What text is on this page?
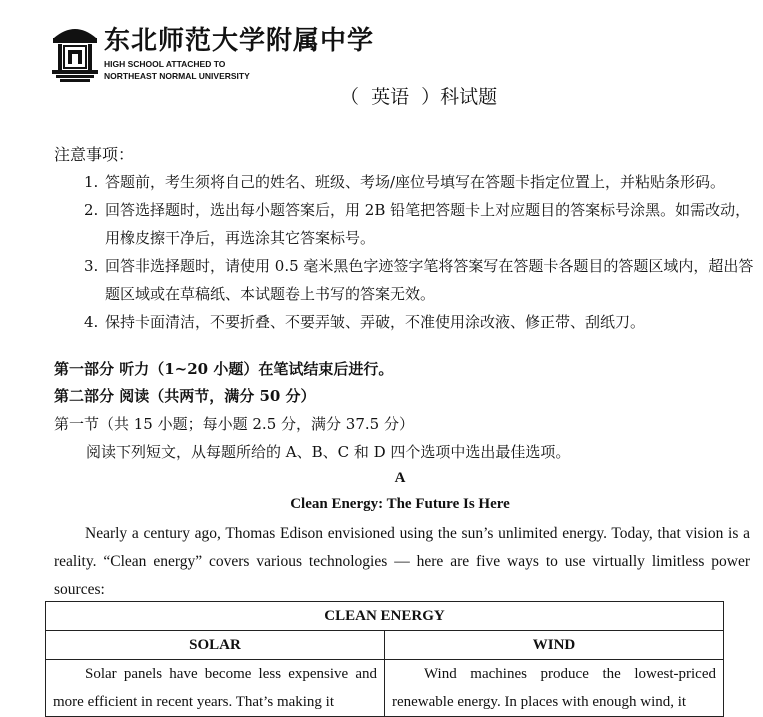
东北师范大学附属中学
HIGH SCHOOL ATTACHED TO
NORTHEAST NORMAL UNIVERSITY
（  英语  ）科试题
注意事项：
1. 答题前，考生须将自己的姓名、班级、考场/座位号填写在答题卡指定位置上，并粘贴条形码。
2. 回答选择题时，选出每小题答案后，用 2B 铅笔把答题卡上对应题目的答案标号涂黑。如需改动，用橡皮擦干净后，再选涂其它答案标号。
3. 回答非选择题时，请使用 0.5 毫米黑色字迹签字笔将答案写在答题卡各题目的答题区域内，超出答题区域或在草稿纸、本试题卷上书写的答案无效。
4. 保持卡面清洁，不要折叠、不要弄皱、弄破，不准使用涂改液、修正带、刮纸刀。
第一部分 听力（1~20 小题）在笔试结束后进行。
第二部分 阅读（共两节，满分 50 分）
第一节（共 15 小题；每小题 2.5 分，满分 37.5 分）
阅读下列短文，从每题所给的 A、B、C 和 D 四个选项中选出最佳选项。
A
Clean Energy: The Future Is Here

Nearly a century ago, Thomas Edison envisioned using the sun’s unlimited energy. Today, that vision is a reality. “Clean energy” covers various technologies — here are five ways to use virtually limitless power sources:

CLEAN ENERGY	
SOLAR	WIND
Solar panels have become less expensive and more efficient in recent years. That’s making it	Wind machines produce the lowest-priced renewable energy. In places with enough wind, it
